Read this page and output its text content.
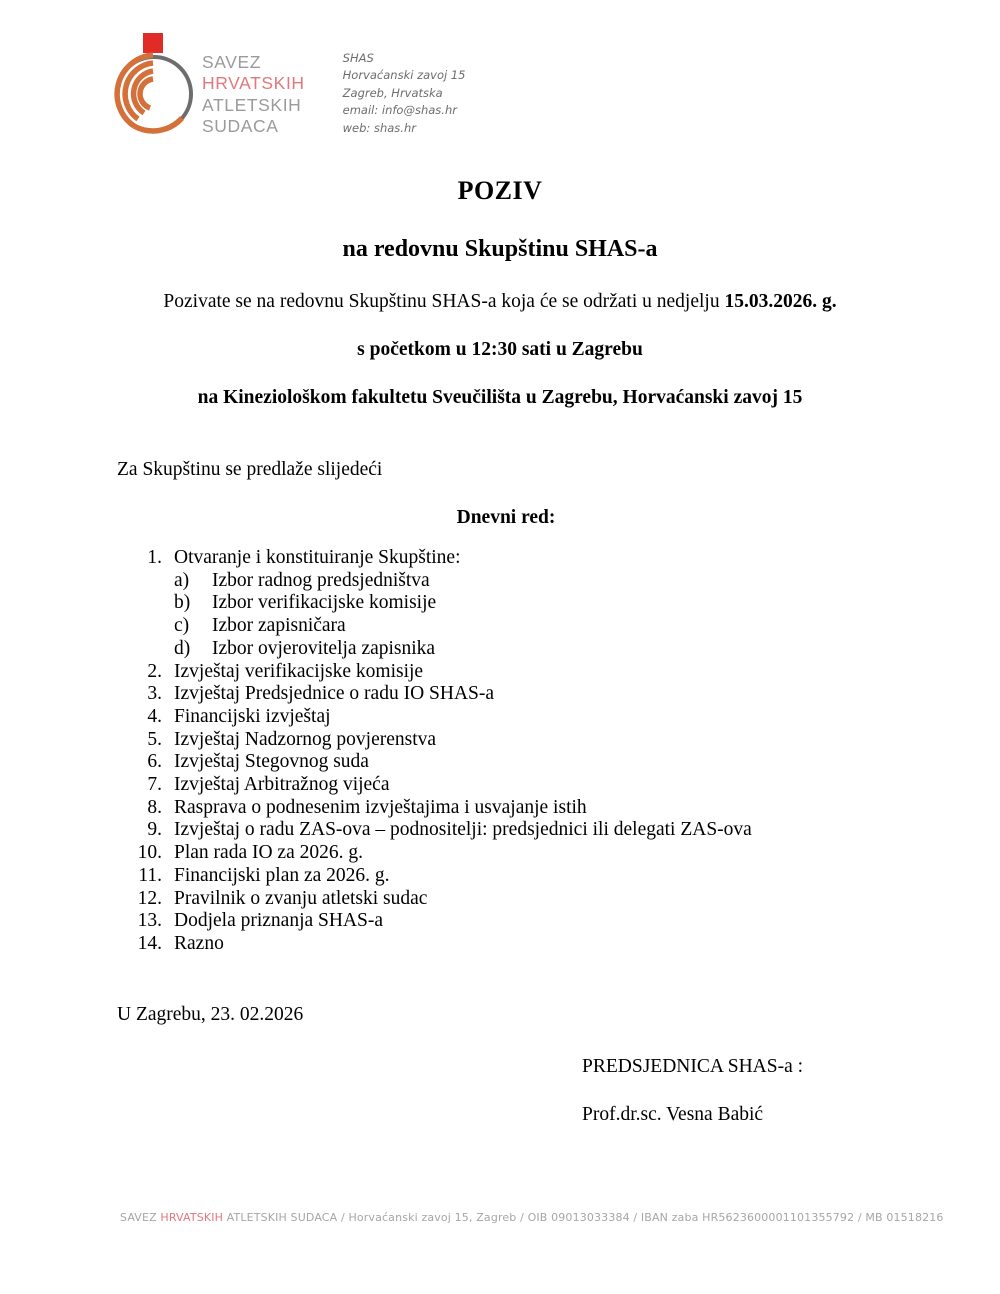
SAVEZ
HRVATSKIH
ATLETSKIH
SUDACA
SHAS
Horvaćanski zavoj 15
Zagreb, Hrvatska
email: info@shas.hr
web: shas.hr
POZIV
na redovnu Skupštinu SHAS-a
Pozivate se na redovnu Skupštinu SHAS-a koja će se održati u nedjelju 15.03.2026. g.
s početkom u 12:30 sati u Zagrebu
na Kineziološkom fakultetu Sveučilišta u Zagrebu, Horvaćanski zavoj 15
Za Skupštinu se predlaže slijedeći
Dnevni red:
1. Otvaranje i konstituiranje Skupštine:
a)	Izbor radnog predsjedništva
b)	Izbor verifikacijske komisije
c)	Izbor zapisničara
d)	Izbor ovjerovitelja zapisnika
2. Izvještaj verifikacijske komisije
3. Izvještaj Predsjednice o radu IO SHAS-a
4. Financijski izvještaj
5. Izvještaj Nadzornog povjerenstva
6. Izvještaj Stegovnog suda
7. Izvještaj Arbitražnog vijeća
8. Rasprava o podnesenim izvještajima i usvajanje istih
9. Izvještaj o radu ZAS-ova – podnositelji: predsjednici ili delegati ZAS-ova
10. Plan rada IO za 2026. g.
11. Financijski plan za 2026. g.
12. Pravilnik o zvanju atletski sudac
13. Dodjela priznanja SHAS-a
14. Razno
U Zagrebu, 23. 02.2026
PREDSJEDNICA SHAS-a :
Prof.dr.sc. Vesna Babić
SAVEZ HRVATSKIH ATLETSKIH SUDACA / Horvaćanski zavoj 15, Zagreb / OIB 09013033384 / IBAN zaba HR5623600001101355792 / MB 01518216
